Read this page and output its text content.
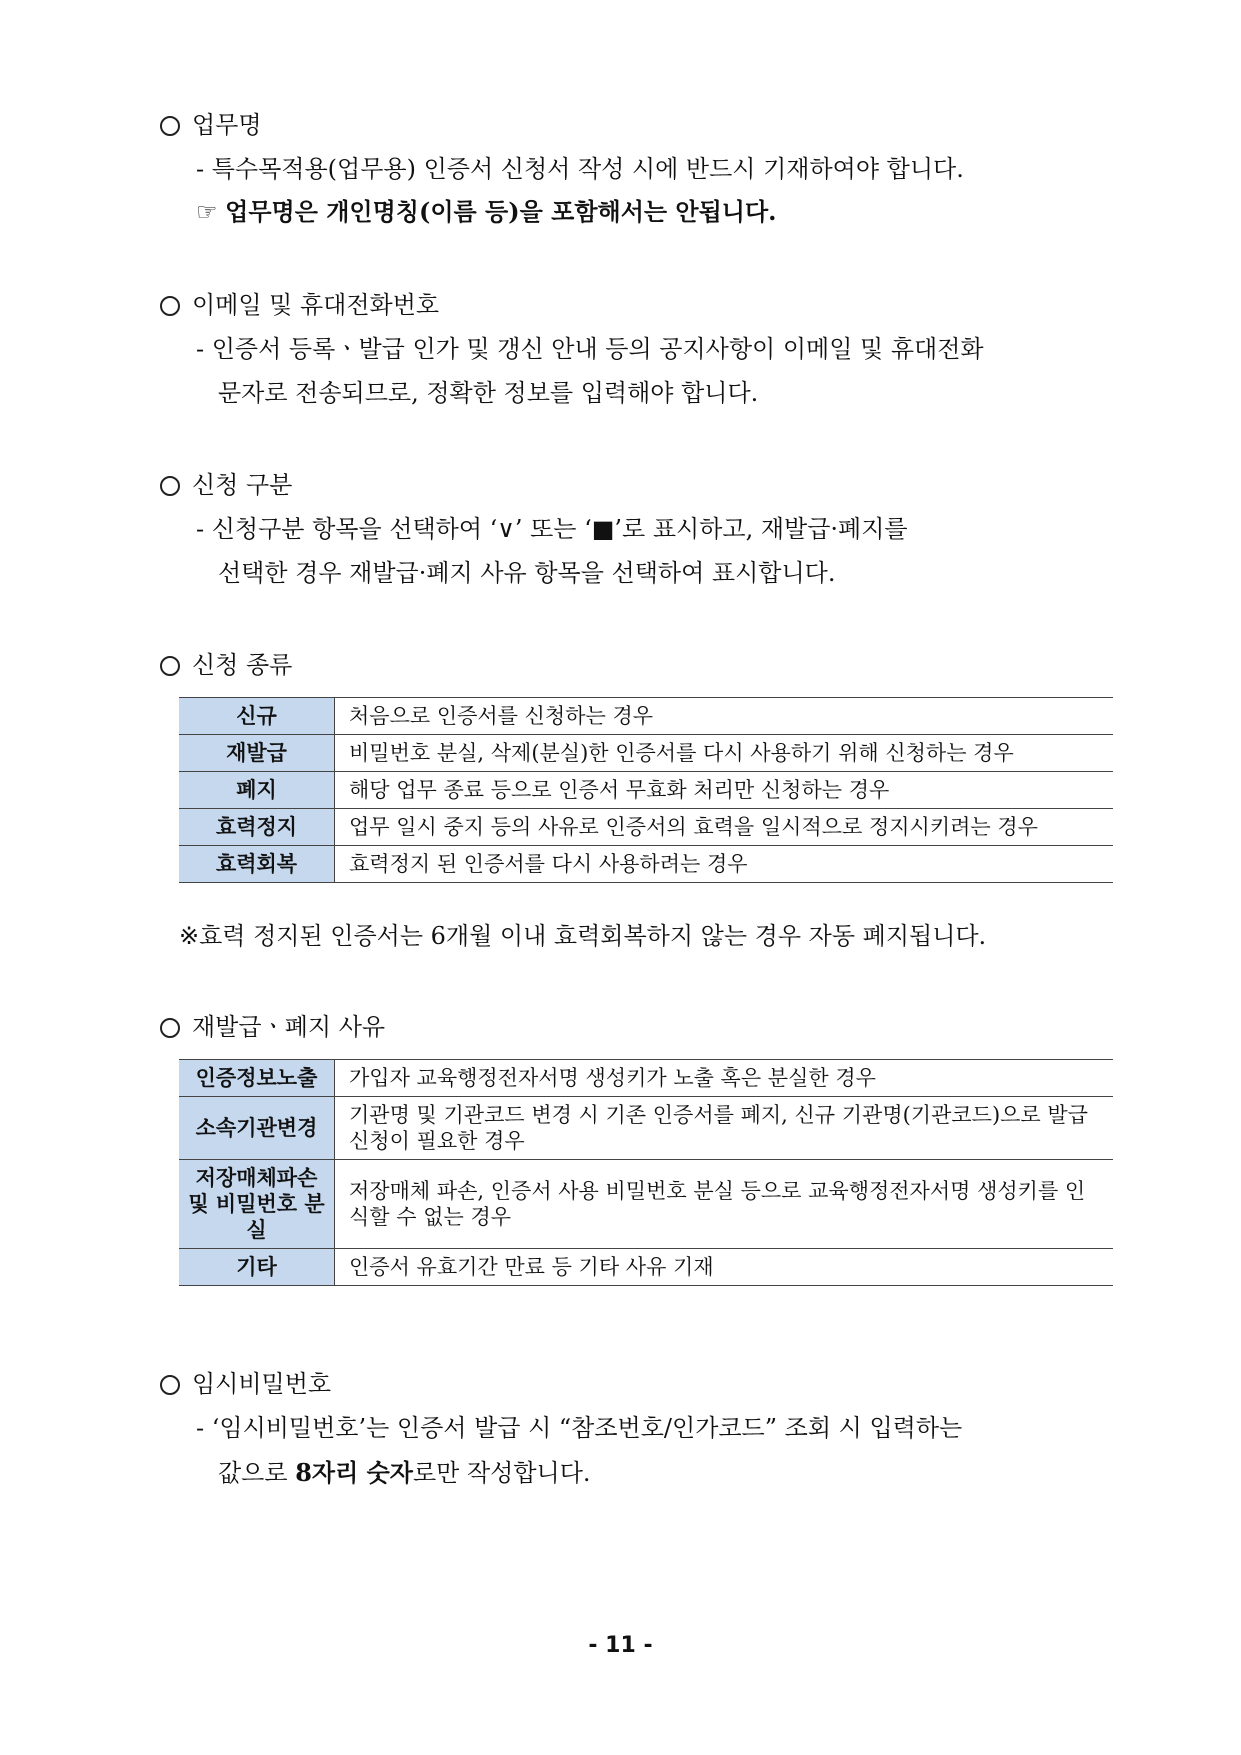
업무명
- 특수목적용(업무용) 인증서 신청서 작성 시에 반드시 기재하여야 합니다.
☞ 업무명은 개인명칭(이름 등)을 포함해서는 안됩니다.
이메일 및 휴대전화번호
- 인증서 등록ㆍ발급 인가 및 갱신 안내 등의 공지사항이 이메일 및 휴대전화
문자로 전송되므로, 정확한 정보를 입력해야 합니다.
신청 구분
- 신청구분 항목을 선택하여 ‘∨’ 또는 ‘■’로 표시하고, 재발급·폐지를
선택한 경우 재발급·폐지 사유 항목을 선택하여 표시합니다.
신청 종류
신규	처음으로 인증서를 신청하는 경우
재발급	비밀번호 분실, 삭제(분실)한 인증서를 다시 사용하기 위해 신청하는 경우
폐지	해당 업무 종료 등으로 인증서 무효화 처리만 신청하는 경우
효력정지	업무 일시 중지 등의 사유로 인증서의 효력을 일시적으로 정지시키려는 경우
효력회복	효력정지 된 인증서를 다시 사용하려는 경우
※효력 정지된 인증서는 6개월 이내 효력회복하지 않는 경우 자동 폐지됩니다.
재발급ㆍ폐지 사유
인증정보노출	가입자 교육행정전자서명 생성키가 노출 혹은 분실한 경우
소속기관변경	기관명 및 기관코드 변경 시 기존 인증서를 폐지, 신규 기관명(기관코드)으로 발급 신청이 필요한 경우
저장매체파손 및 비밀번호 분실	저장매체 파손, 인증서 사용 비밀번호 분실 등으로 교육행정전자서명 생성키를 인식할 수 없는 경우
기타	인증서 유효기간 만료 등 기타 사유 기재
임시비밀번호
- ‘임시비밀번호’는 인증서 발급 시 “참조번호/인가코드” 조회 시 입력하는
값으로 8자리 숫자로만 작성합니다.
- 11 -
